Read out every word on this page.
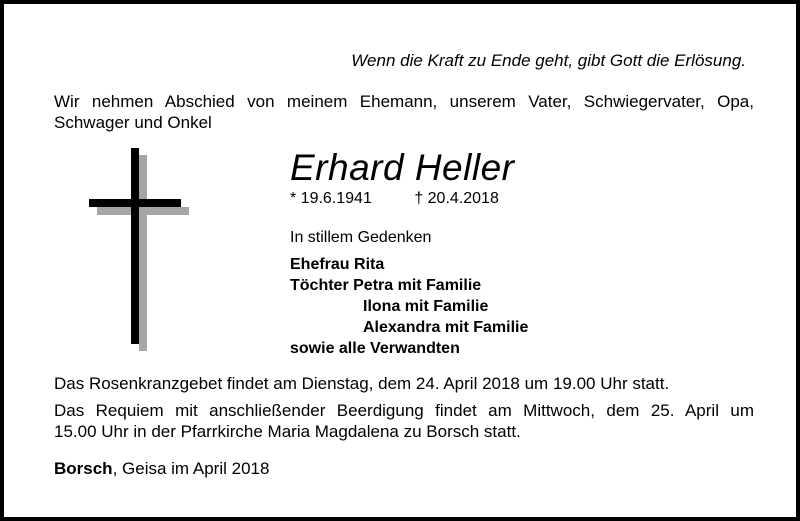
Wenn die Kraft zu Ende geht, gibt Gott die Erlösung.
Wir nehmen Abschied von meinem Ehemann, unserem Vater, Schwiegervater, Opa,
Schwager und Onkel
Erhard Heller
* 19.6.1941	† 20.4.2018
In stillem Gedenken
Ehefrau Rita
Töchter Petra mit Familie
Ilona mit Familie
Alexandra mit Familie
sowie alle Verwandten
Das Rosenkranzgebet findet am Dienstag, dem 24. April 2018 um 19.00 Uhr statt.
Das Requiem mit anschließender Beerdigung findet am Mittwoch, dem 25. April um
15.00 Uhr in der Pfarrkirche Maria Magdalena zu Borsch statt.
Borsch, Geisa im April 2018
